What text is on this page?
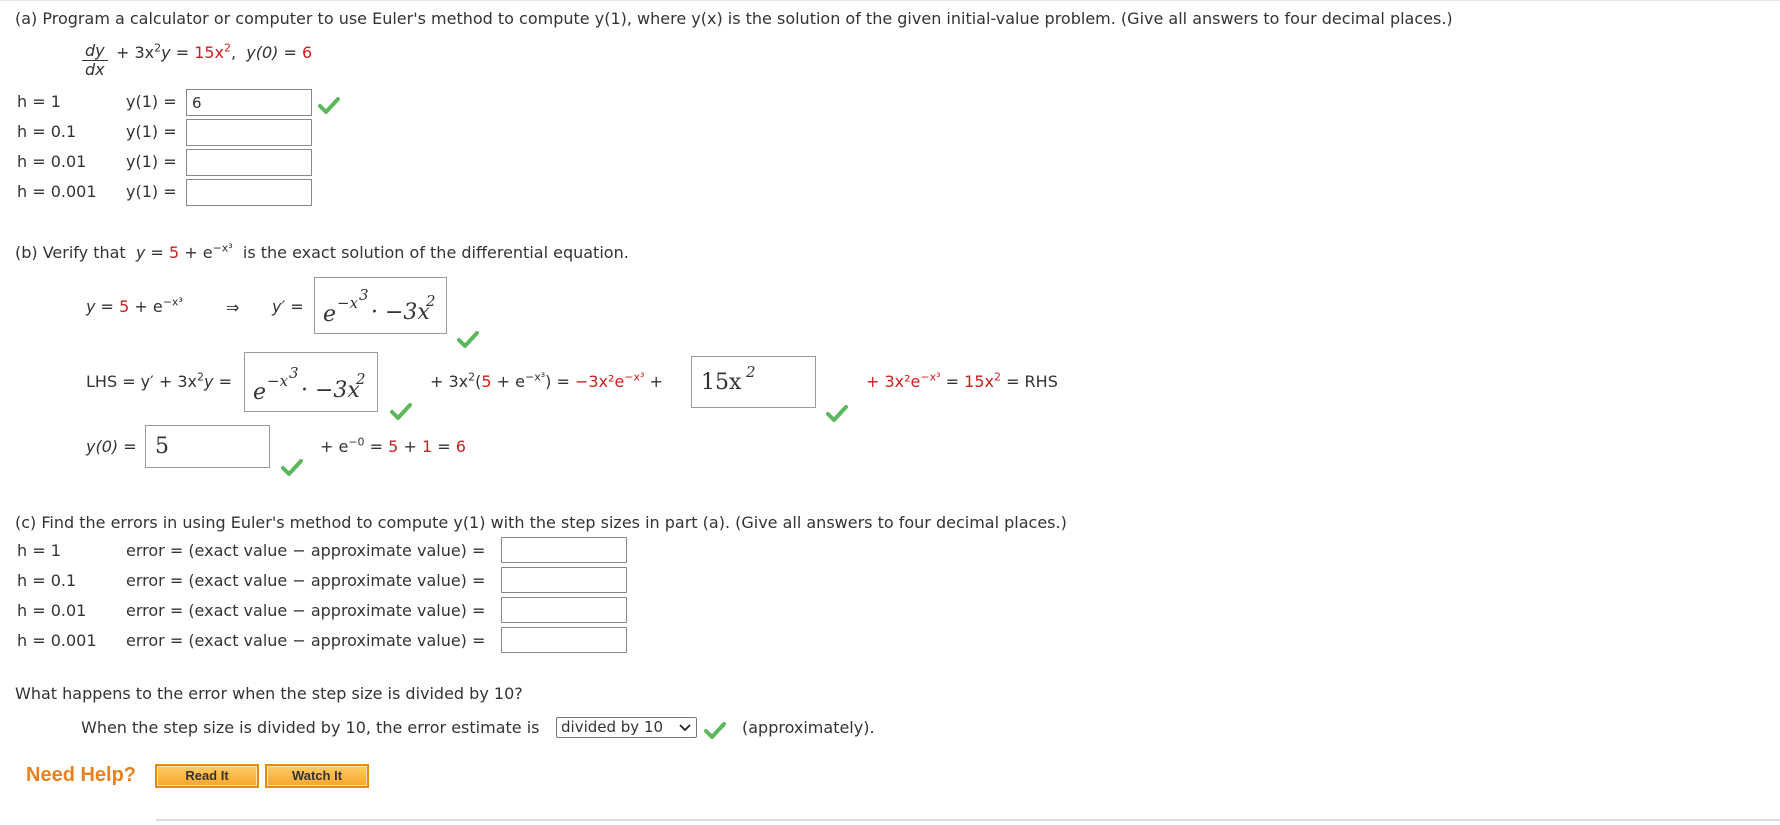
(a) Program a calculator or computer to use Euler's method to compute y(1), where y(x) is the solution of the given initial-value problem. (Give all answers to four decimal places.)
$\frac{dy}{dx} + 3x^2y = 15x^2$, y(0) = 6
h = 1	y(1) =
6
h = 0.1	y(1) =
h = 0.01 y(1) =
h = 0.001 y(1) =
(b) Verify that $y = 5 + e^{-x^3}$ is the exact solution of the differential equation.
$y = 5 + e^{-x^3}$	⇒ y′ = e −x 3
· −3x
2
LHS = $y' + 3x^2y = e -x$ 3
· −3x
2	+ $3x^2(5 + e^{-x^3}) = -3x^2e^{-x^3} + 15x$ 2	+ $3x^2e^{-x^3} = 15x^2$ = RHS
y(0) = 5	+ $e^{-0} = 5 + 1 = 6$
(c) Find the errors in using Euler's method to compute y(1) with the step sizes in part (a). (Give all answers to four decimal places.)
h = 1	error = (exact value − approximate value) =
h = 0.1	error = (exact value − approximate value) =
h = 0.01 error = (exact value − approximate value) =
h = 0.001 error = (exact value − approximate value) =
What happens to the error when the step size is divided by 10?
When the step size is divided by 10, the error estimate is	divided by 10	(approximately).
Need Help?	Read It	Watch It
